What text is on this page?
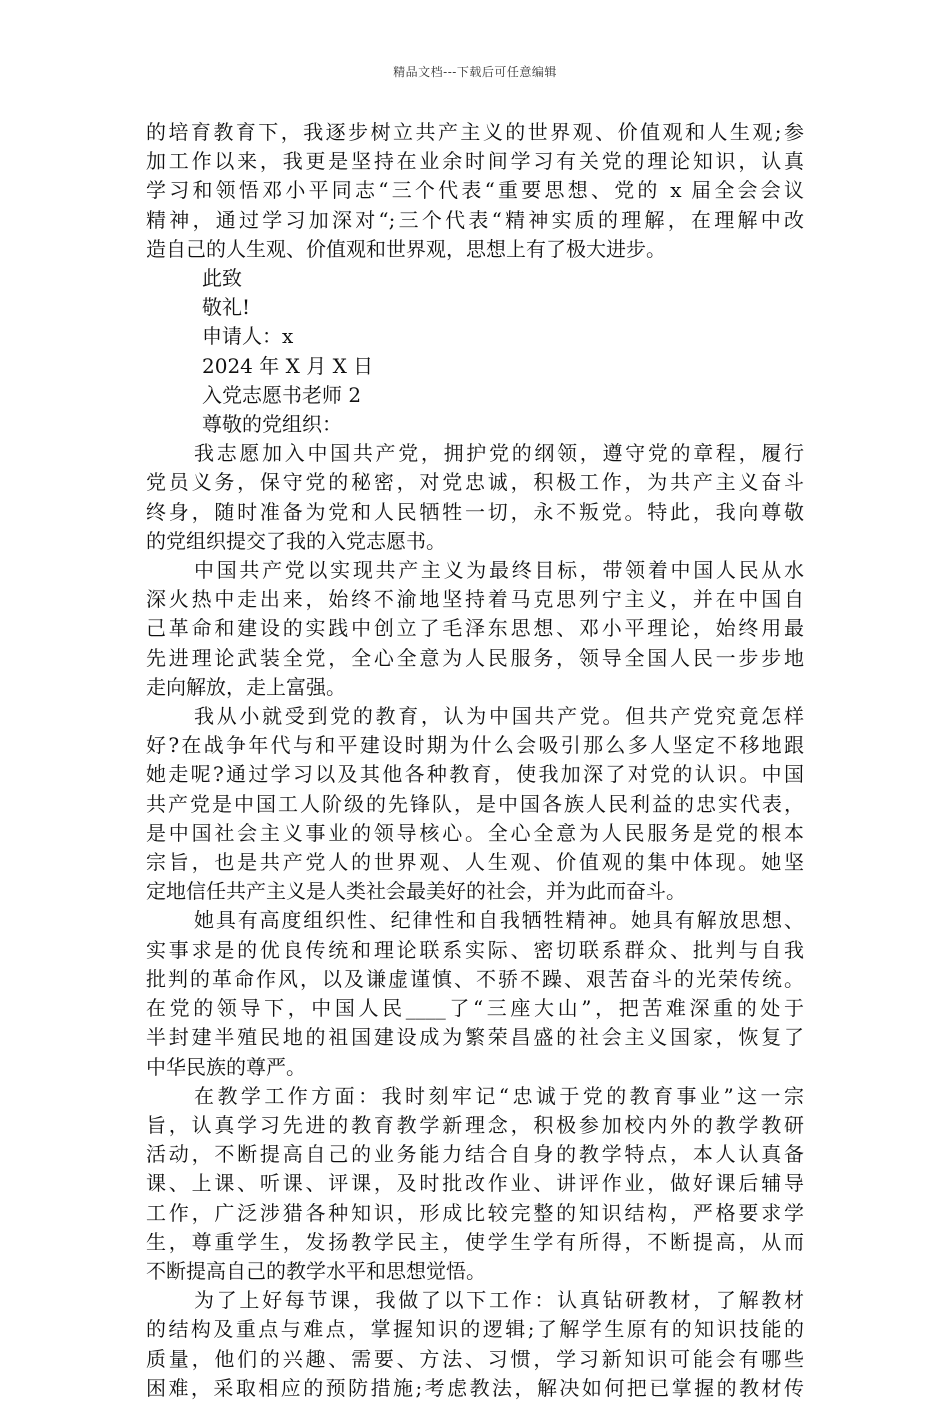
精品文档---下载后可任意编辑
的培育教育下，我逐步树立共产主义的世界观、价值观和人生观;参
加工作以来，我更是坚持在业余时间学习有关党的理论知识，认真
学习和领悟邓小平同志“三个代表“重要思想、党的 x 届全会会议
精神，通过学习加深对“;三个代表“精神实质的理解，在理解中改
造自己的人生观、价值观和世界观，思想上有了极大进步。
此致
敬礼!
申请人：x
2024 年 X 月 X 日
入党志愿书老师 2
尊敬的党组织：
我志愿加入中国共产党，拥护党的纲领，遵守党的章程，履行
党员义务，保守党的秘密，对党忠诚，积极工作，为共产主义奋斗
终身，随时准备为党和人民牺牲一切，永不叛党。特此，我向尊敬
的党组织提交了我的入党志愿书。
中国共产党以实现共产主义为最终目标，带领着中国人民从水
深火热中走出来，始终不渝地坚持着马克思列宁主义，并在中国自
己革命和建设的实践中创立了毛泽东思想、邓小平理论，始终用最
先进理论武装全党，全心全意为人民服务，领导全国人民一步步地
走向解放，走上富强。
我从小就受到党的教育，认为中国共产党。但共产党究竟怎样
好?在战争年代与和平建设时期为什么会吸引那么多人坚定不移地跟
她走呢?通过学习以及其他各种教育，使我加深了对党的认识。中国
共产党是中国工人阶级的先锋队，是中国各族人民利益的忠实代表，
是中国社会主义事业的领导核心。全心全意为人民服务是党的根本
宗旨，也是共产党人的世界观、人生观、价值观的集中体现。她坚
定地信任共产主义是人类社会最美好的社会，并为此而奋斗。
她具有高度组织性、纪律性和自我牺牲精神。她具有解放思想、
实事求是的优良传统和理论联系实际、密切联系群众、批判与自我
批判的革命作风，以及谦虚谨慎、不骄不躁、艰苦奋斗的光荣传统。
在党的领导下，中国人民____了“三座大山”，把苦难深重的处于
半封建半殖民地的祖国建设成为繁荣昌盛的社会主义国家，恢复了
中华民族的尊严。
在教学工作方面：我时刻牢记“忠诚于党的教育事业”这一宗
旨，认真学习先进的教育教学新理念，积极参加校内外的教学教研
活动，不断提高自己的业务能力结合自身的教学特点，本人认真备
课、上课、听课、评课，及时批改作业、讲评作业，做好课后辅导
工作，广泛涉猎各种知识，形成比较完整的知识结构，严格要求学
生，尊重学生，发扬教学民主，使学生学有所得，不断提高，从而
不断提高自己的教学水平和思想觉悟。
为了上好每节课，我做了以下工作：认真钻研教材，了解教材
的结构及重点与难点，掌握知识的逻辑;了解学生原有的知识技能的
质量，他们的兴趣、需要、方法、习惯，学习新知识可能会有哪些
困难，采取相应的预防措施;考虑教法，解决如何把已掌握的教材传
